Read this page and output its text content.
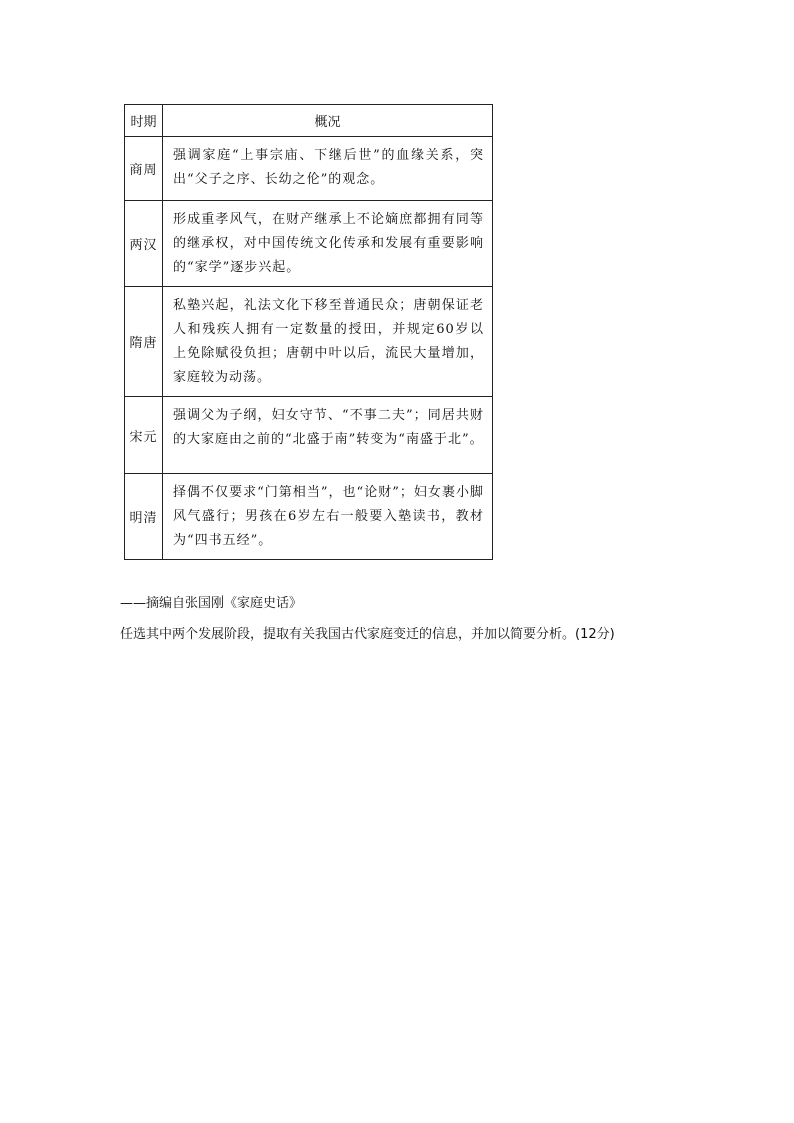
时期	概况
商周	强调家庭“上事宗庙、下继后世”的血缘关系，突出“父子之序、长幼之伦”的观念。
两汉	形成重孝风气，在财产继承上不论嫡庶都拥有同等的继承权，对中国传统文化传承和发展有重要影响的“家学”逐步兴起。
隋唐	私塾兴起，礼法文化下移至普通民众；唐朝保证老人和残疾人拥有一定数量的授田，并规定60岁以上免除赋役负担；唐朝中叶以后，流民大量增加，家庭较为动荡。
宋元	强调父为子纲，妇女守节、“不事二夫”；同居共财的大家庭由之前的“北盛于南”转变为“南盛于北”。
明清	择偶不仅要求“门第相当”，也“论财”；妇女裹小脚风气盛行；男孩在6岁左右一般要入塾读书，教材为“四书五经”。

——摘编自张国刚《家庭史话》

任选其中两个发展阶段，提取有关我国古代家庭变迁的信息，并加以简要分析。(12分)
